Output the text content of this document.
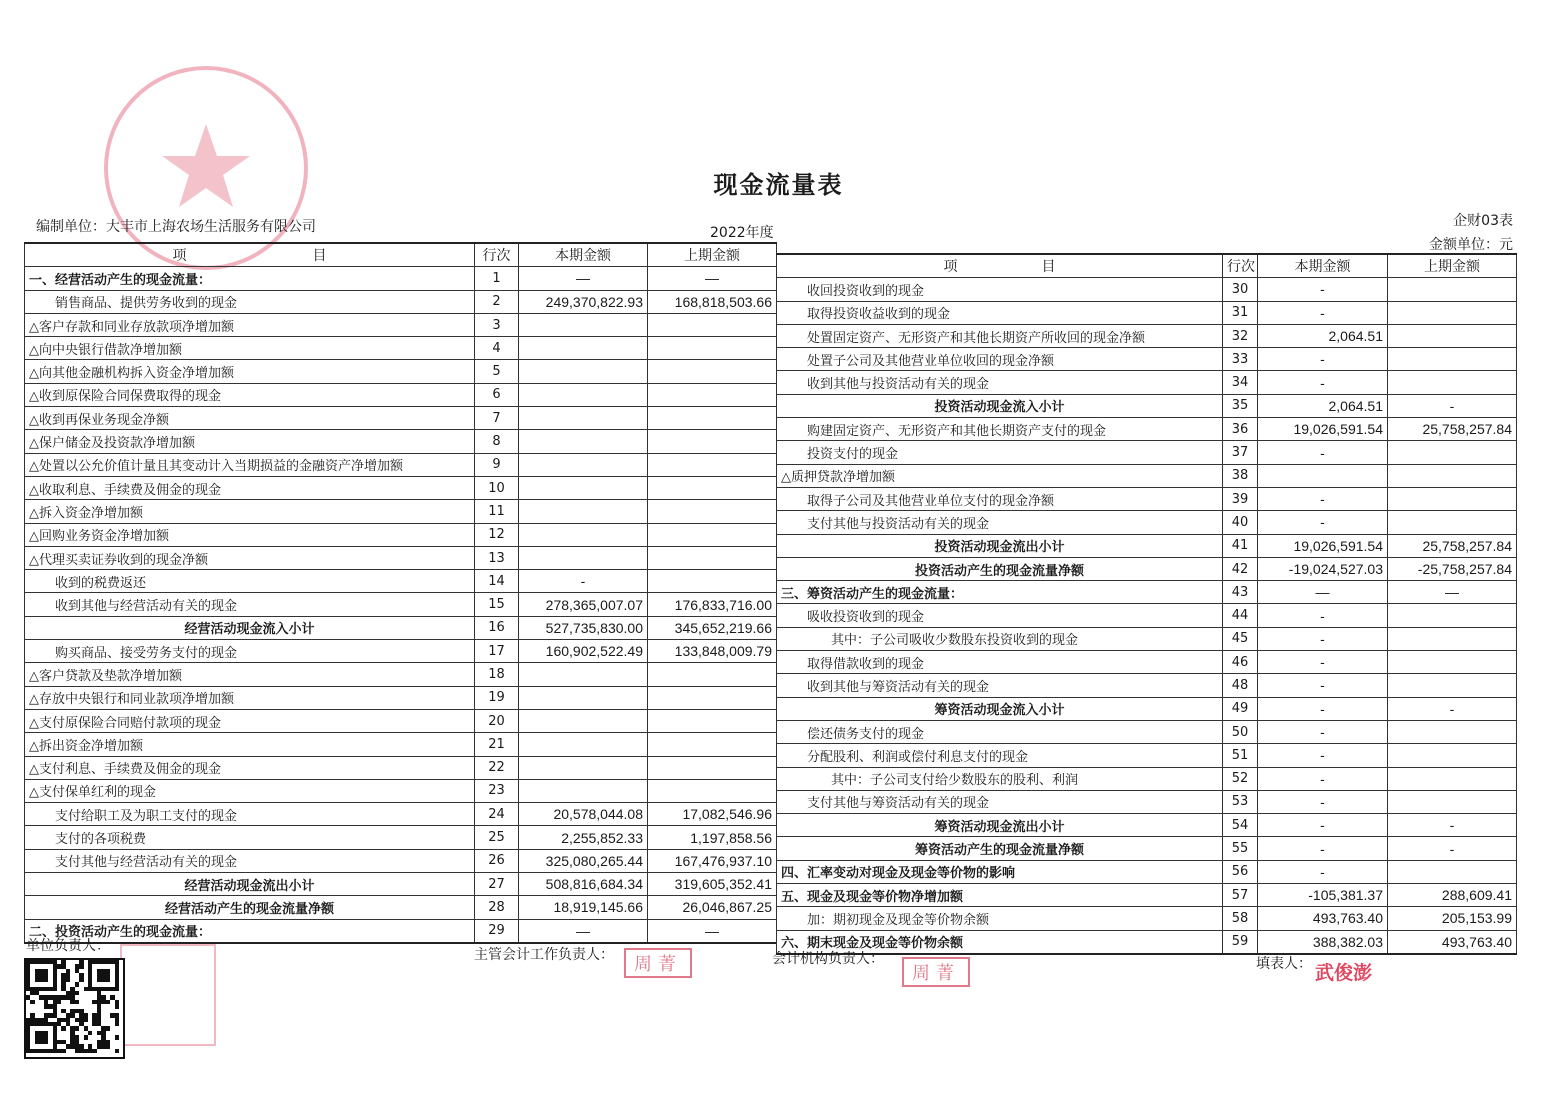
现金流量表
编制单位：大丰市上海农场生活服务有限公司	2022年度
企财03表
金额单位：元
项　　　　　　　　　目	行次	本期金额	上期金额
一、经营活动产生的现金流量：	1	—	—
销售商品、提供劳务收到的现金	2	249,370,822.93	168,818,503.66
△客户存款和同业存放款项净增加额	3		
△向中央银行借款净增加额	4		
△向其他金融机构拆入资金净增加额	5		
△收到原保险合同保费取得的现金	6		
△收到再保业务现金净额	7		
△保户储金及投资款净增加额	8		
△处置以公允价值计量且其变动计入当期损益的金融资产净增加额	9		
△收取利息、手续费及佣金的现金	10		
△拆入资金净增加额	11		
△回购业务资金净增加额	12		
△代理买卖证券收到的现金净额	13		
收到的税费返还	14	-	
收到其他与经营活动有关的现金	15	278,365,007.07	176,833,716.00
经营活动现金流入小计	16	527,735,830.00	345,652,219.66
购买商品、接受劳务支付的现金	17	160,902,522.49	133,848,009.79
△客户贷款及垫款净增加额	18		
△存放中央银行和同业款项净增加额	19		
△支付原保险合同赔付款项的现金	20		
△拆出资金净增加额	21		
△支付利息、手续费及佣金的现金	22		
△支付保单红利的现金	23		
支付给职工及为职工支付的现金	24	20,578,044.08	17,082,546.96
支付的各项税费	25	2,255,852.33	1,197,858.56
支付其他与经营活动有关的现金	26	325,080,265.44	167,476,937.10
经营活动现金流出小计	27	508,816,684.34	319,605,352.41
经营活动产生的现金流量净额	28	18,919,145.66	26,046,867.25
二、投资活动产生的现金流量：	29	—	—
项　　　　　　目	行次	本期金额	上期金额
收回投资收到的现金	30	-	
取得投资收益收到的现金	31	-	
处置固定资产、无形资产和其他长期资产所收回的现金净额	32	2,064.51	
处置子公司及其他营业单位收回的现金净额	33	-	
收到其他与投资活动有关的现金	34	-	
投资活动现金流入小计	35	2,064.51	-
购建固定资产、无形资产和其他长期资产支付的现金	36	19,026,591.54	25,758,257.84
投资支付的现金	37	-	
△质押贷款净增加额	38		
取得子公司及其他营业单位支付的现金净额	39	-	
支付其他与投资活动有关的现金	40	-	
投资活动现金流出小计	41	19,026,591.54	25,758,257.84
投资活动产生的现金流量净额	42	-19,024,527.03	-25,758,257.84
三、筹资活动产生的现金流量：	43	—	—
吸收投资收到的现金	44	-	
其中：子公司吸收少数股东投资收到的现金	45	-	
取得借款收到的现金	46	-	
收到其他与筹资活动有关的现金	48	-	
筹资活动现金流入小计	49	-	-
偿还债务支付的现金	50	-	
分配股利、利润或偿付利息支付的现金	51	-	
其中：子公司支付给少数股东的股利、利润	52	-	
支付其他与筹资活动有关的现金	53	-	
筹资活动现金流出小计	54	-	-
筹资活动产生的现金流量净额	55	-	-
四、汇率变动对现金及现金等价物的影响	56	-	
五、现金及现金等价物净增加额	57	-105,381.37	288,609.41
加：期初现金及现金等价物余额	58	493,763.40	205,153.99
六、期末现金及现金等价物余额	59	388,382.03	493,763.40
单位负责人：
主管会计工作负责人：	周菁	会计机构负责人：
周菁	填表人： 武俊澎
